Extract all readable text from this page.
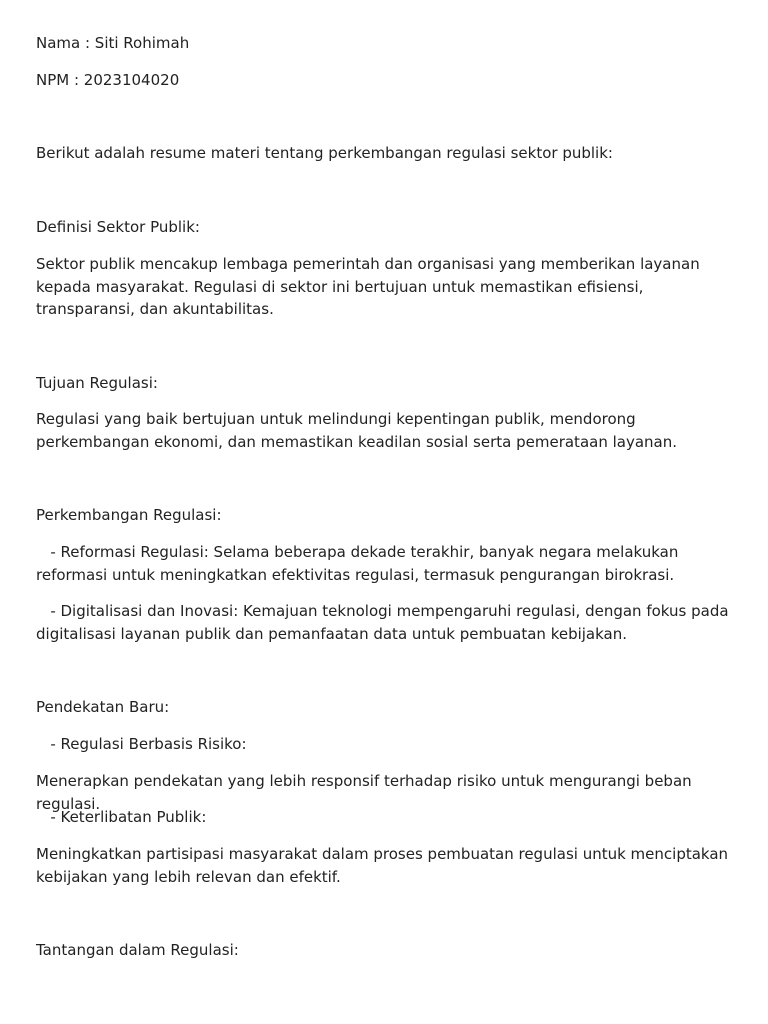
Nama : Siti Rohimah

NPM : 2023104020

Berikut adalah resume materi tentang perkembangan regulasi sektor publik:

Definisi Sektor Publik:

Sektor publik mencakup lembaga pemerintah dan organisasi yang memberikan layanan kepada masyarakat. Regulasi di sektor ini bertujuan untuk memastikan efisiensi, transparansi, dan akuntabilitas.

Tujuan Regulasi:

Regulasi yang baik bertujuan untuk melindungi kepentingan publik, mendorong perkembangan ekonomi, dan memastikan keadilan sosial serta pemerataan layanan.

Perkembangan Regulasi:

- Reformasi Regulasi: Selama beberapa dekade terakhir, banyak negara melakukan reformasi untuk meningkatkan efektivitas regulasi, termasuk pengurangan birokrasi.

- Digitalisasi dan Inovasi: Kemajuan teknologi mempengaruhi regulasi, dengan fokus pada digitalisasi layanan publik dan pemanfaatan data untuk pembuatan kebijakan.

Pendekatan Baru:

- Regulasi Berbasis Risiko:

Menerapkan pendekatan yang lebih responsif terhadap risiko untuk mengurangi beban regulasi.

- Keterlibatan Publik:

Meningkatkan partisipasi masyarakat dalam proses pembuatan regulasi untuk menciptakan kebijakan yang lebih relevan dan efektif.

Tantangan dalam Regulasi:
